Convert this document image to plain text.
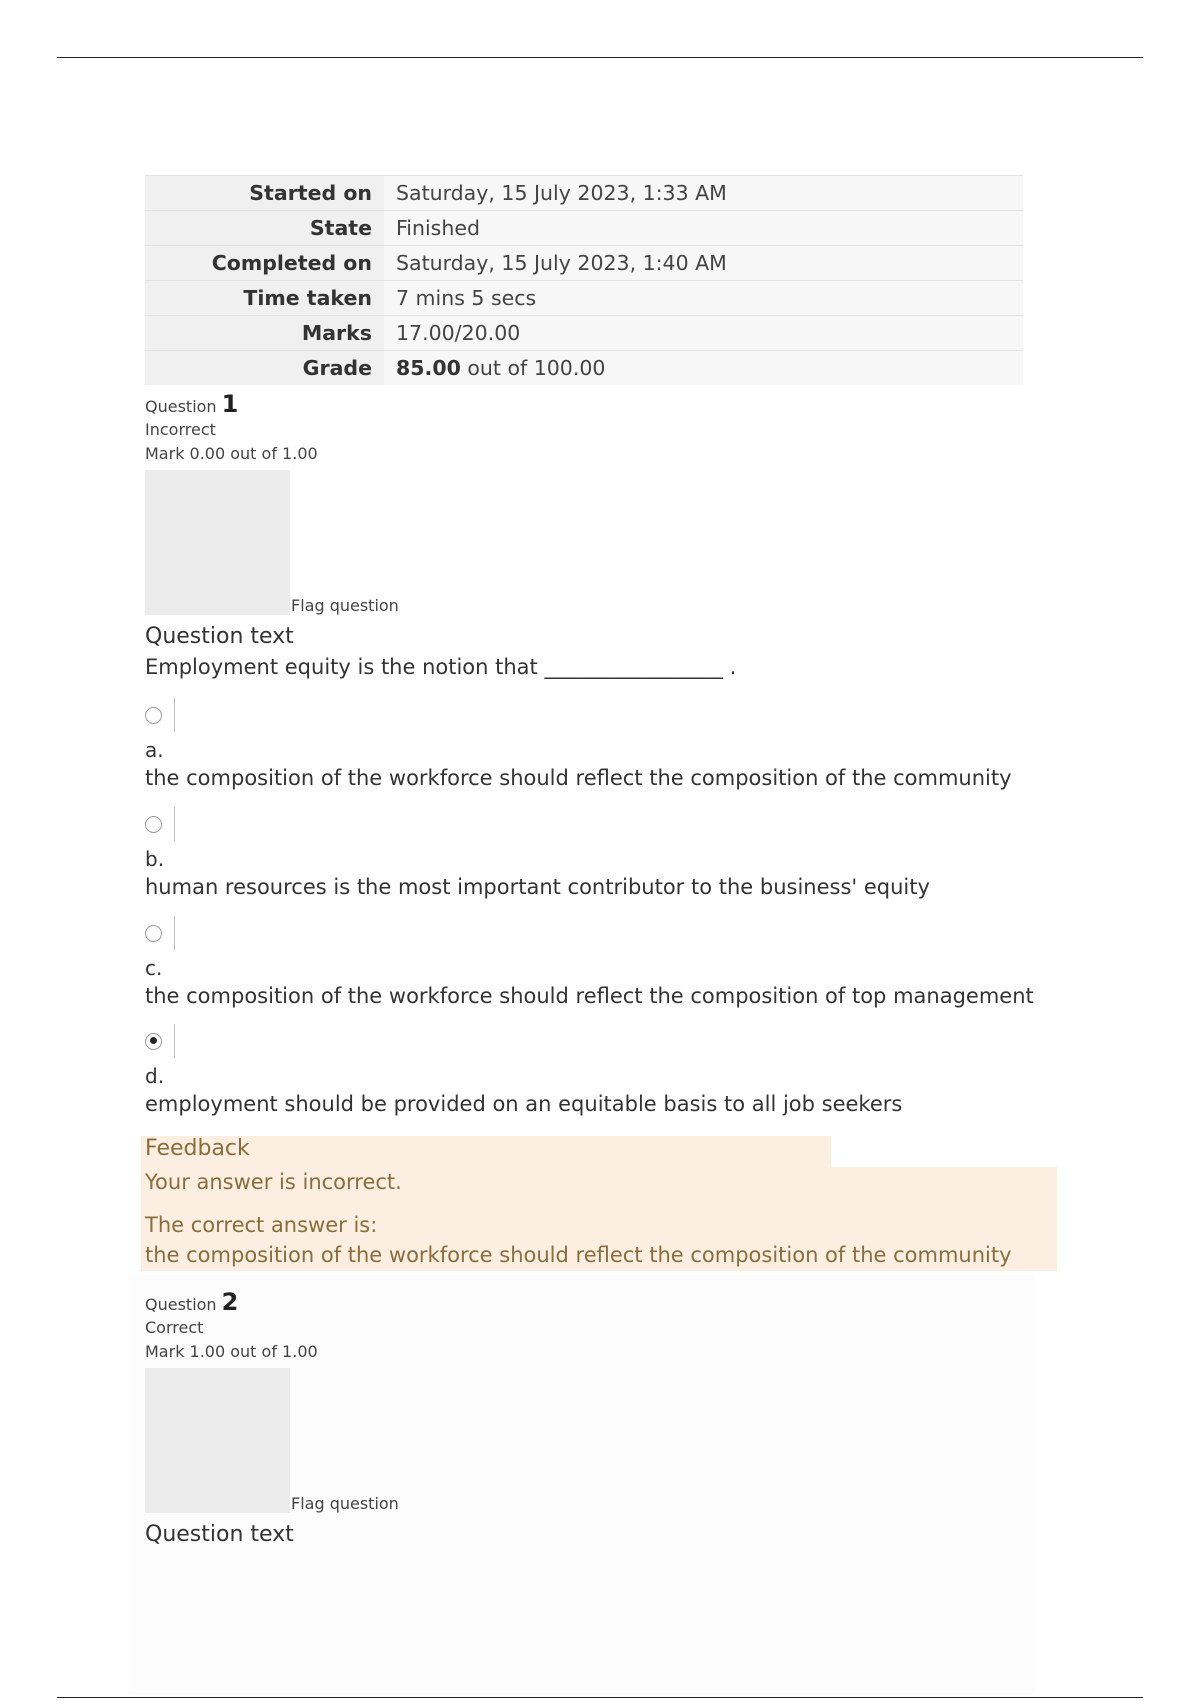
Started on	Saturday, 15 July 2023, 1:33 AM
State	Finished
Completed on	Saturday, 15 July 2023, 1:40 AM
Time taken	7 mins 5 secs
Marks	17.00/20.00
Grade	85.00 out of 100.00
Question 1
Incorrect
Mark 0.00 out of 1.00
Flag question
Question text
Employment equity is the notion that _________________ .
a.
the composition of the workforce should reflect the composition of the community
b.
human resources is the most important contributor to the business' equity
c.
the composition of the workforce should reflect the composition of top management
d.
employment should be provided on an equitable basis to all job seekers
Feedback
Your answer is incorrect.
The correct answer is:
the composition of the workforce should reflect the composition of the community
Question 2
Correct
Mark 1.00 out of 1.00
Flag question
Question text
